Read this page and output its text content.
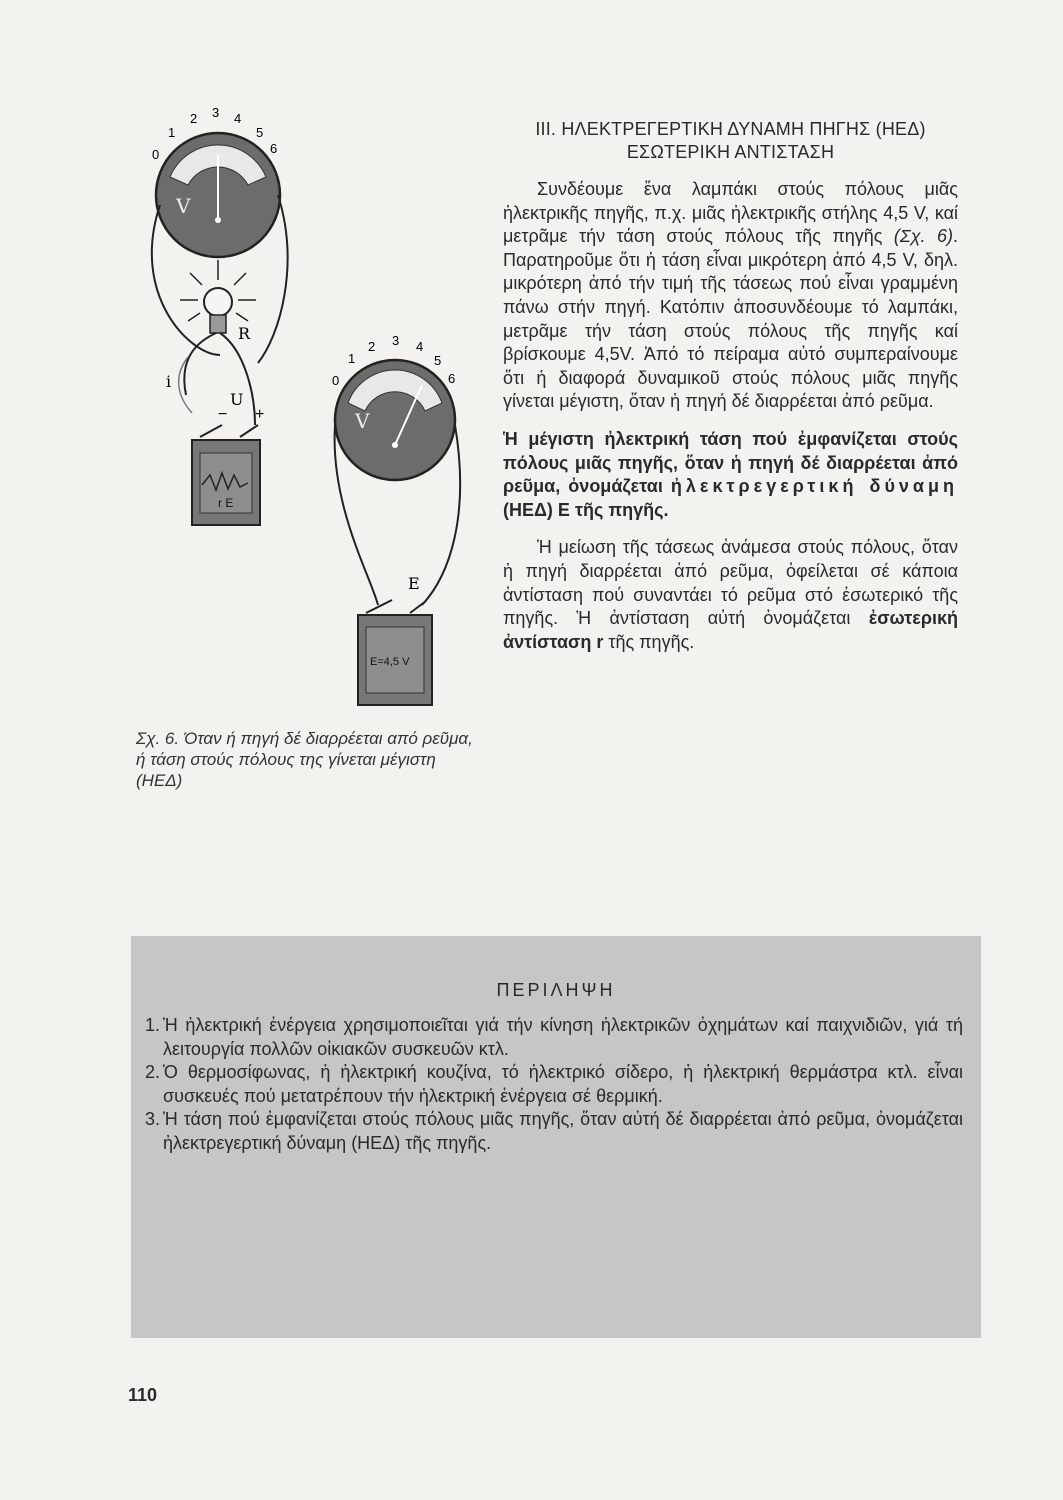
V
0
1
2 3 4
5
6
R
i
U
− +
r E
V
0
1
2 3 4
5
6
E
E=4,5 V
Σχ. 6. Όταν ή πηγή δέ διαρρέεται από ρεῦμα, ή τάση στούς πόλους της γίνεται μέγιστη (ΗΕΔ)
ΙΙΙ. ΗΛΕΚΤΡΕΓΕΡΤΙΚΗ ΔΥΝΑΜΗ ΠΗΓΗΣ (ΗΕΔ)
ΕΣΩΤΕΡΙΚΗ ΑΝΤΙΣΤΑΣΗ

Συνδέουμε ἕνα λαμπάκι στούς πόλους μιᾶς ἠλεκτρικῆς πηγῆς, π.χ. μιᾶς ἠλεκτρικῆς στήλης 4,5 V, καί μετρᾶμε τήν τάση στούς πόλους τῆς πηγῆς (Σχ. 6). Παρατηροῦμε ὅτι ἡ τάση εἶναι μικρότερη ἀπό 4,5 V, δηλ. μικρότερη ἀπό τήν τιμή τῆς τάσεως πού εἶναι γραμμένη πάνω στήν πηγή. Κατόπιν ἀποσυνδέουμε τό λαμπάκι, μετρᾶμε τήν τάση στούς πόλους τῆς πηγῆς καί βρίσκουμε 4,5V. Ἀπό τό πείραμα αὐτό συμπεραίνουμε ὅτι ἡ διαφορά δυναμικοῦ στούς πόλους μιᾶς πηγῆς γίνεται μέγιστη, ὅταν ἡ πηγή δέ διαρρέεται ἀπό ρεῦμα.

Ἡ μέγιστη ἠλεκτρική τάση πού ἐμφανίζεται στούς πόλους μιᾶς πηγῆς, ὅταν ἡ πηγή δέ διαρρέεται ἀπό ρεῦμα, ὀνομάζεται ἠλεκτρεγερτική δύναμη (ΗΕΔ) Ε τῆς πηγῆς.

Ἡ μείωση τῆς τάσεως ἀνάμεσα στούς πόλους, ὅταν ἡ πηγή διαρρέεται ἀπό ρεῦμα, ὀφείλεται σέ κάποια ἀντίσταση πού συναντάει τό ρεῦμα στό ἐσωτερικό τῆς πηγῆς. Ἡ ἀντίσταση αὐτή ὀνομάζεται ἐσωτερική ἀντίσταση r τῆς πηγῆς.

ΠΕΡΙΛΗΨΗ
1. Ἡ ἠλεκτρική ἐνέργεια χρησιμοποιεῖται γιά τήν κίνηση ἠλεκτρικῶν ὀχημάτων καί παιχνιδιῶν, γιά τή λειτουργία πολλῶν οἰκιακῶν συσκευῶν κτλ.
2. Ὁ θερμοσίφωνας, ἡ ἠλεκτρική κουζίνα, τό ἠλεκτρικό σίδερο, ἡ ἠλεκτρική θερμάστρα κτλ. εἶναι συσκευές πού μετατρέπουν τήν ἠλεκτρική ἐνέργεια σέ θερμική.
3. Ἡ τάση πού ἐμφανίζεται στούς πόλους μιᾶς πηγῆς, ὅταν αὐτή δέ διαρρέεται ἀπό ρεῦμα, ὀνομάζεται ἠλεκτρεγερτική δύναμη (ΗΕΔ) τῆς πηγῆς.
110
